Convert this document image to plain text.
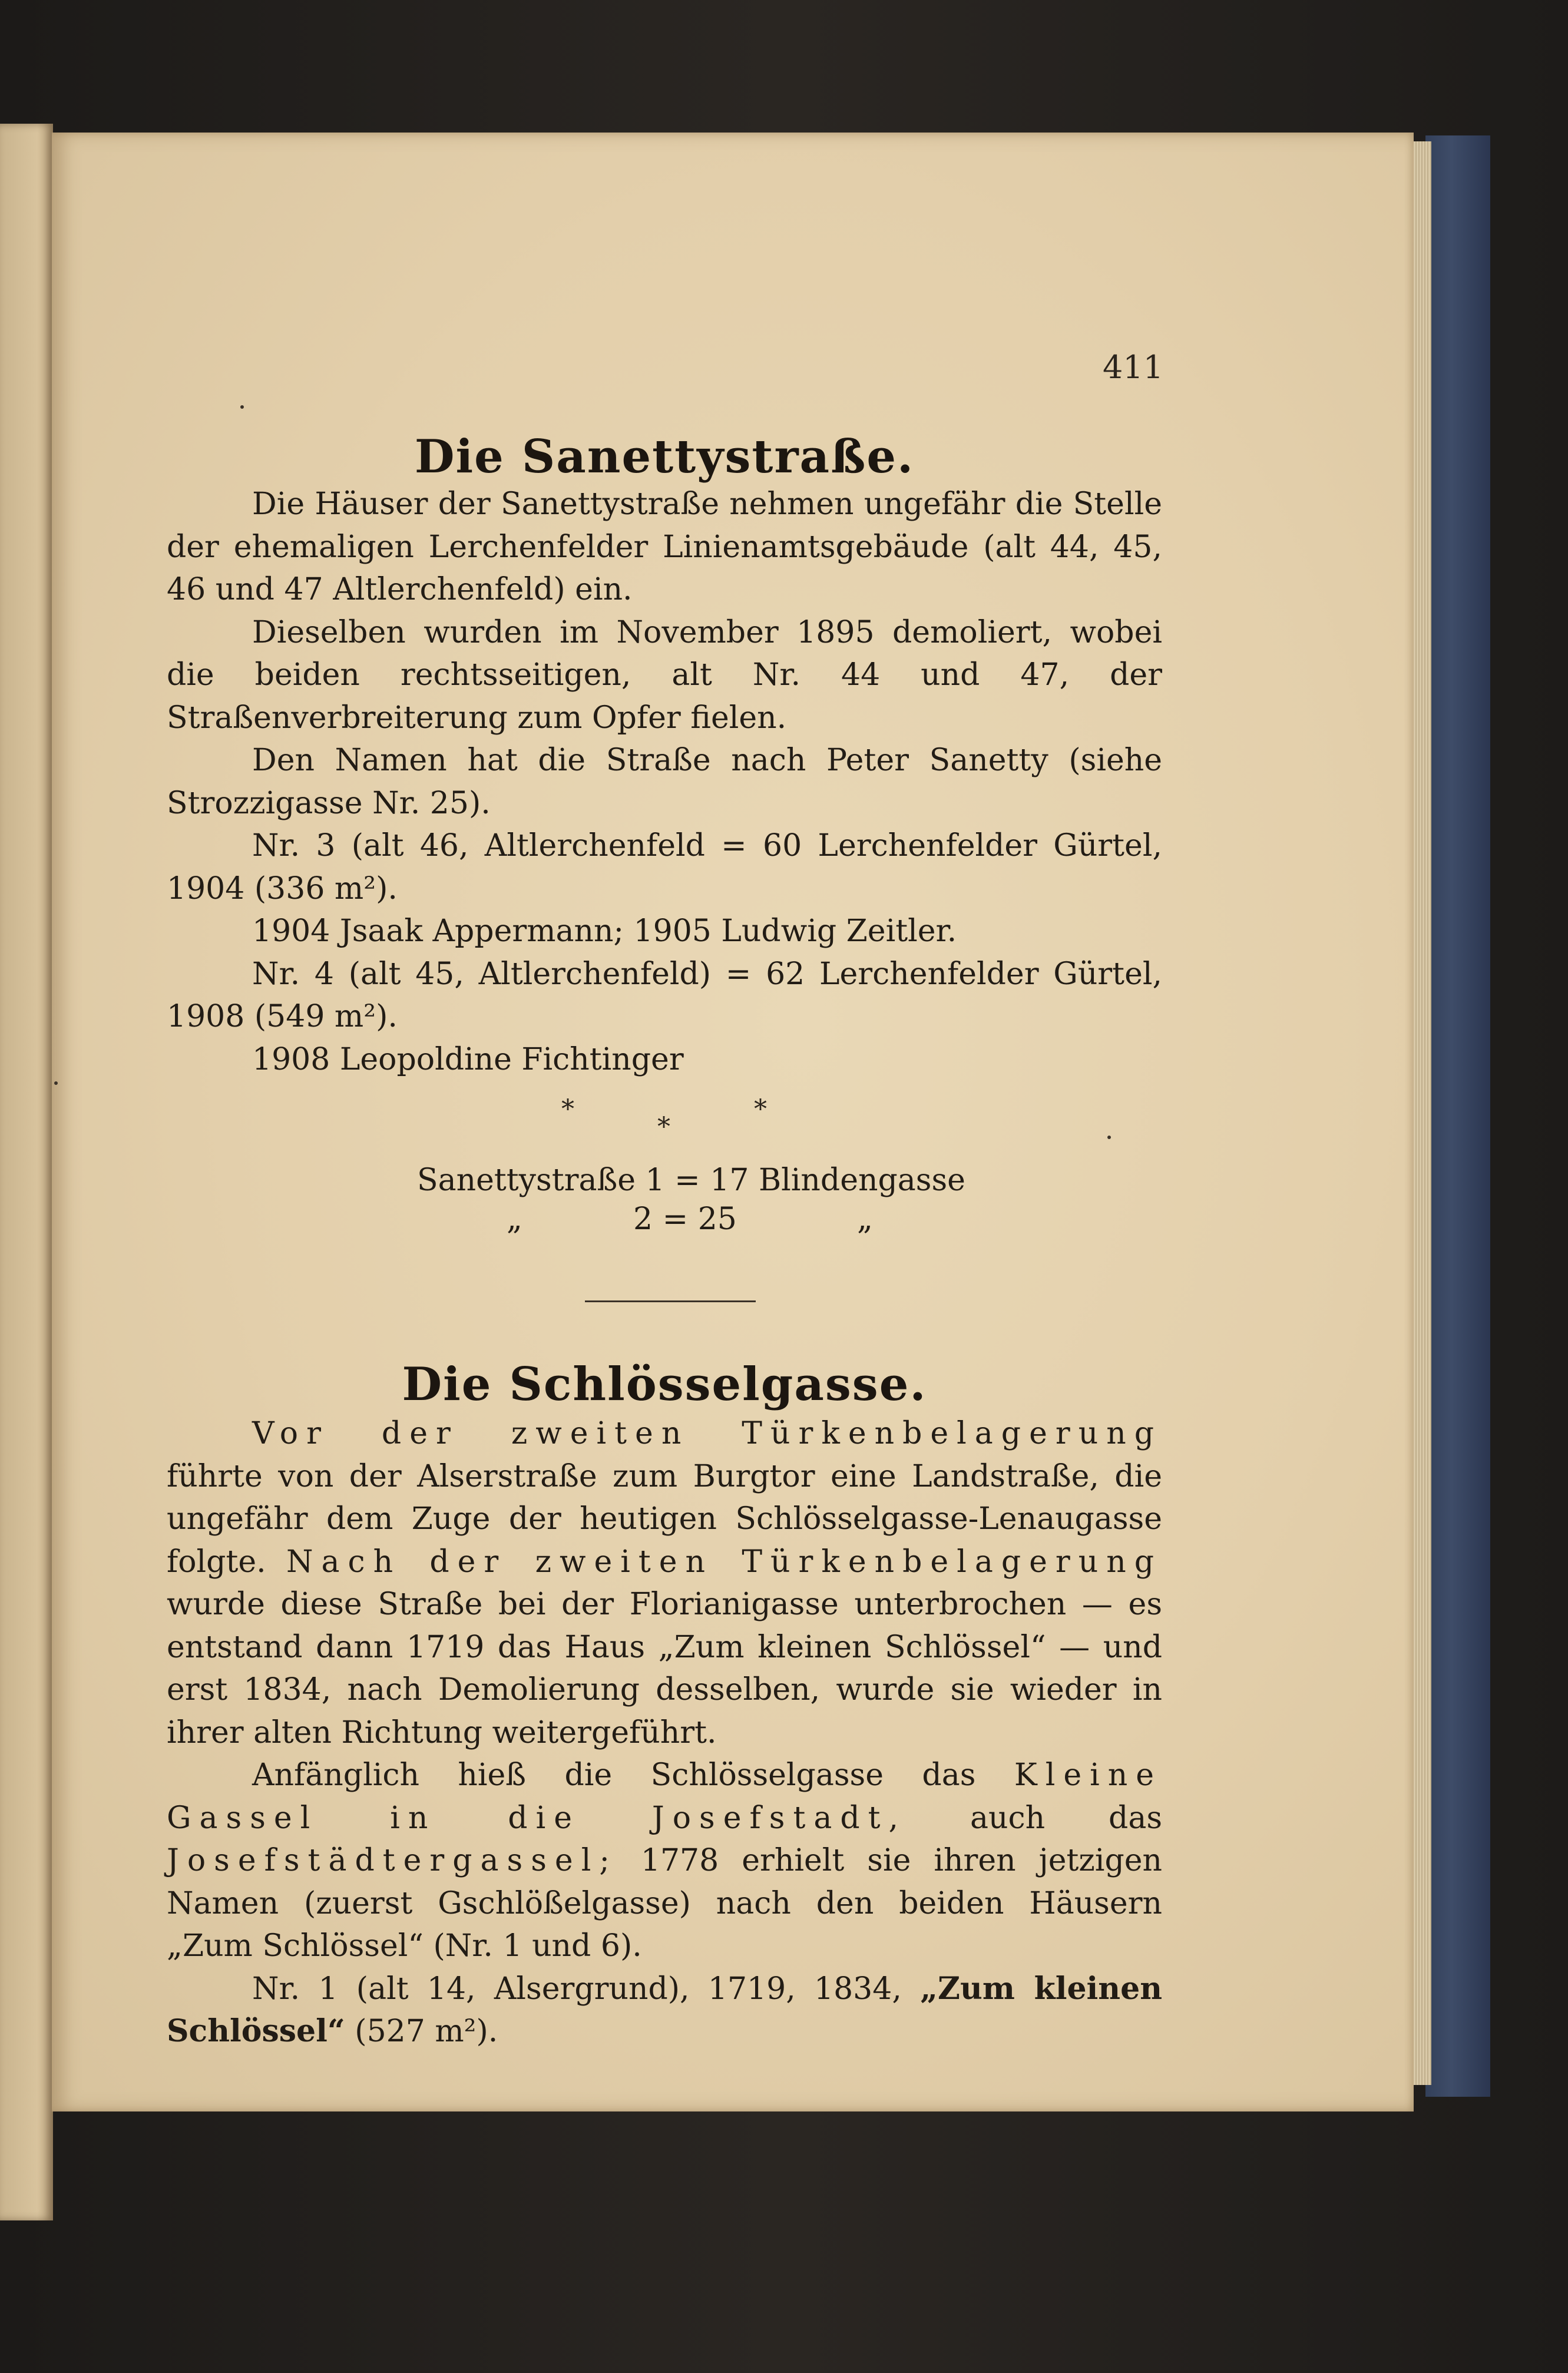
411
Die Sanettystraße.

Die Häuser der Sanettystraße nehmen ungefähr die Stelle der ehemaligen Lerchenfelder Linienamtsgebäude (alt 44, 45, 46 und 47 Altlerchenfeld) ein.

Dieselben wurden im November 1895 demoliert, wobei die beiden rechtsseitigen, alt Nr. 44 und 47, der Straßenverbreiterung zum Opfer fielen.

Den Namen hat die Straße nach Peter Sanetty (siehe Strozzigasse Nr. 25).

Nr. 3 (alt 46, Altlerchenfeld = 60 Lerchenfelder Gürtel, 1904 (336 m²).

1904 Jsaak Appermann; 1905 Ludwig Zeitler.

Nr. 4 (alt 45, Altlerchenfeld) = 62 Lerchenfelder Gürtel, 1908 (549 m²).

1908 Leopoldine Fichtinger

*
*
*
Sanettystraße 1 = 17 Blindengasse
„	2 = 25	„
Die Schlösselgasse.

Vor der zweiten Türkenbelagerung führte von der Alserstraße zum Burgtor eine Landstraße, die ungefähr dem Zuge der heutigen Schlösselgasse-Lenaugasse folgte. Nach der zweiten Türkenbelagerung wurde diese Straße bei der Florianigasse unterbrochen — es entstand dann 1719 das Haus „Zum kleinen Schlössel“ — und erst 1834, nach Demolierung desselben, wurde sie wieder in ihrer alten Richtung weitergeführt.

Anfänglich hieß die Schlösselgasse das Kleine Gassel in die Josefstadt, auch das Josefstädtergassel; 1778 erhielt sie ihren jetzigen Namen (zuerst Gschlößelgasse) nach den beiden Häusern „Zum Schlössel“ (Nr. 1 und 6).

Nr. 1 (alt 14, Alsergrund), 1719, 1834, „Zum kleinen Schlössel“ (527 m²).
